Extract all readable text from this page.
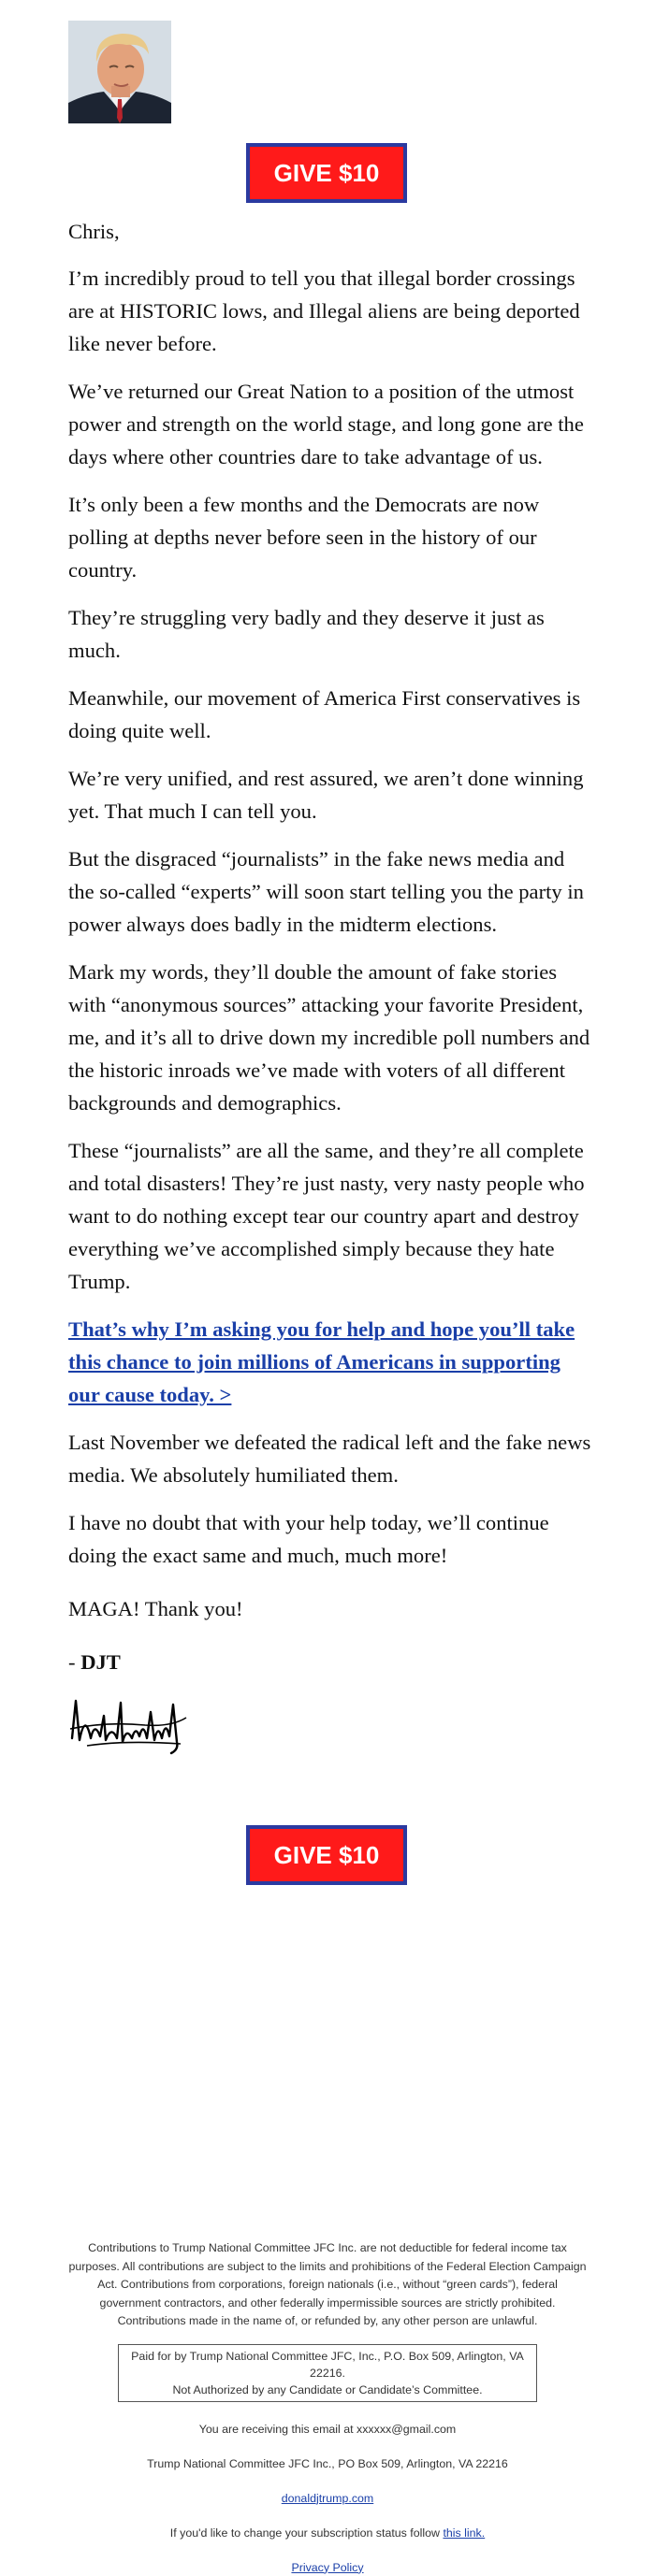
GIVE $10

Chris,

I’m incredibly proud to tell you that illegal border crossings are at HISTORIC lows, and Illegal aliens are being deported like never before.

We’ve returned our Great Nation to a position of the utmost power and strength on the world stage, and long gone are the days where other countries dare to take advantage of us.

It’s only been a few months and the Democrats are now polling at depths never before seen in the history of our country.

They’re struggling very badly and they deserve it just as much.

Meanwhile, our movement of America First conservatives is doing quite well.

We’re very unified, and rest assured, we aren’t done winning yet. That much I can tell you.

But the disgraced “journalists” in the fake news media and the so-called “experts” will soon start telling you the party in power always does badly in the midterm elections.

Mark my words, they’ll double the amount of fake stories with “anonymous sources” attacking your favorite President, me, and it’s all to drive down my incredible poll numbers and the historic inroads we’ve made with voters of all different backgrounds and demographics.

These “journalists” are all the same, and they’re all complete and total disasters! They’re just nasty, very nasty people who want to do nothing except tear our country apart and destroy everything we’ve accomplished simply because they hate Trump.

That’s why I’m asking you for help and hope you’ll take this chance to join millions of Americans in supporting our cause today. >

Last November we defeated the radical left and the fake news media. We absolutely humiliated them.

I have no doubt that with your help today, we’ll continue doing the exact same and much, much more!

MAGA! Thank you!

- DJT

GIVE $10

Contributions to Trump National Committee JFC Inc. are not deductible for federal income tax purposes. All contributions are subject to the limits and prohibitions of the Federal Election Campaign Act. Contributions from corporations, foreign nationals (i.e., without “green cards”), federal government contractors, and other federally impermissible sources are strictly prohibited. Contributions made in the name of, or refunded by, any other person are unlawful.

Paid for by Trump National Committee JFC, Inc., P.O. Box 509, Arlington, VA 22216.
Not Authorized by any Candidate or Candidate’s Committee.

You are receiving this email at xxxxxx@gmail.com

Trump National Committee JFC Inc., PO Box 509, Arlington, VA 22216

donaldjtrump.com

If you'd like to change your subscription status follow this link.

Privacy Policy
